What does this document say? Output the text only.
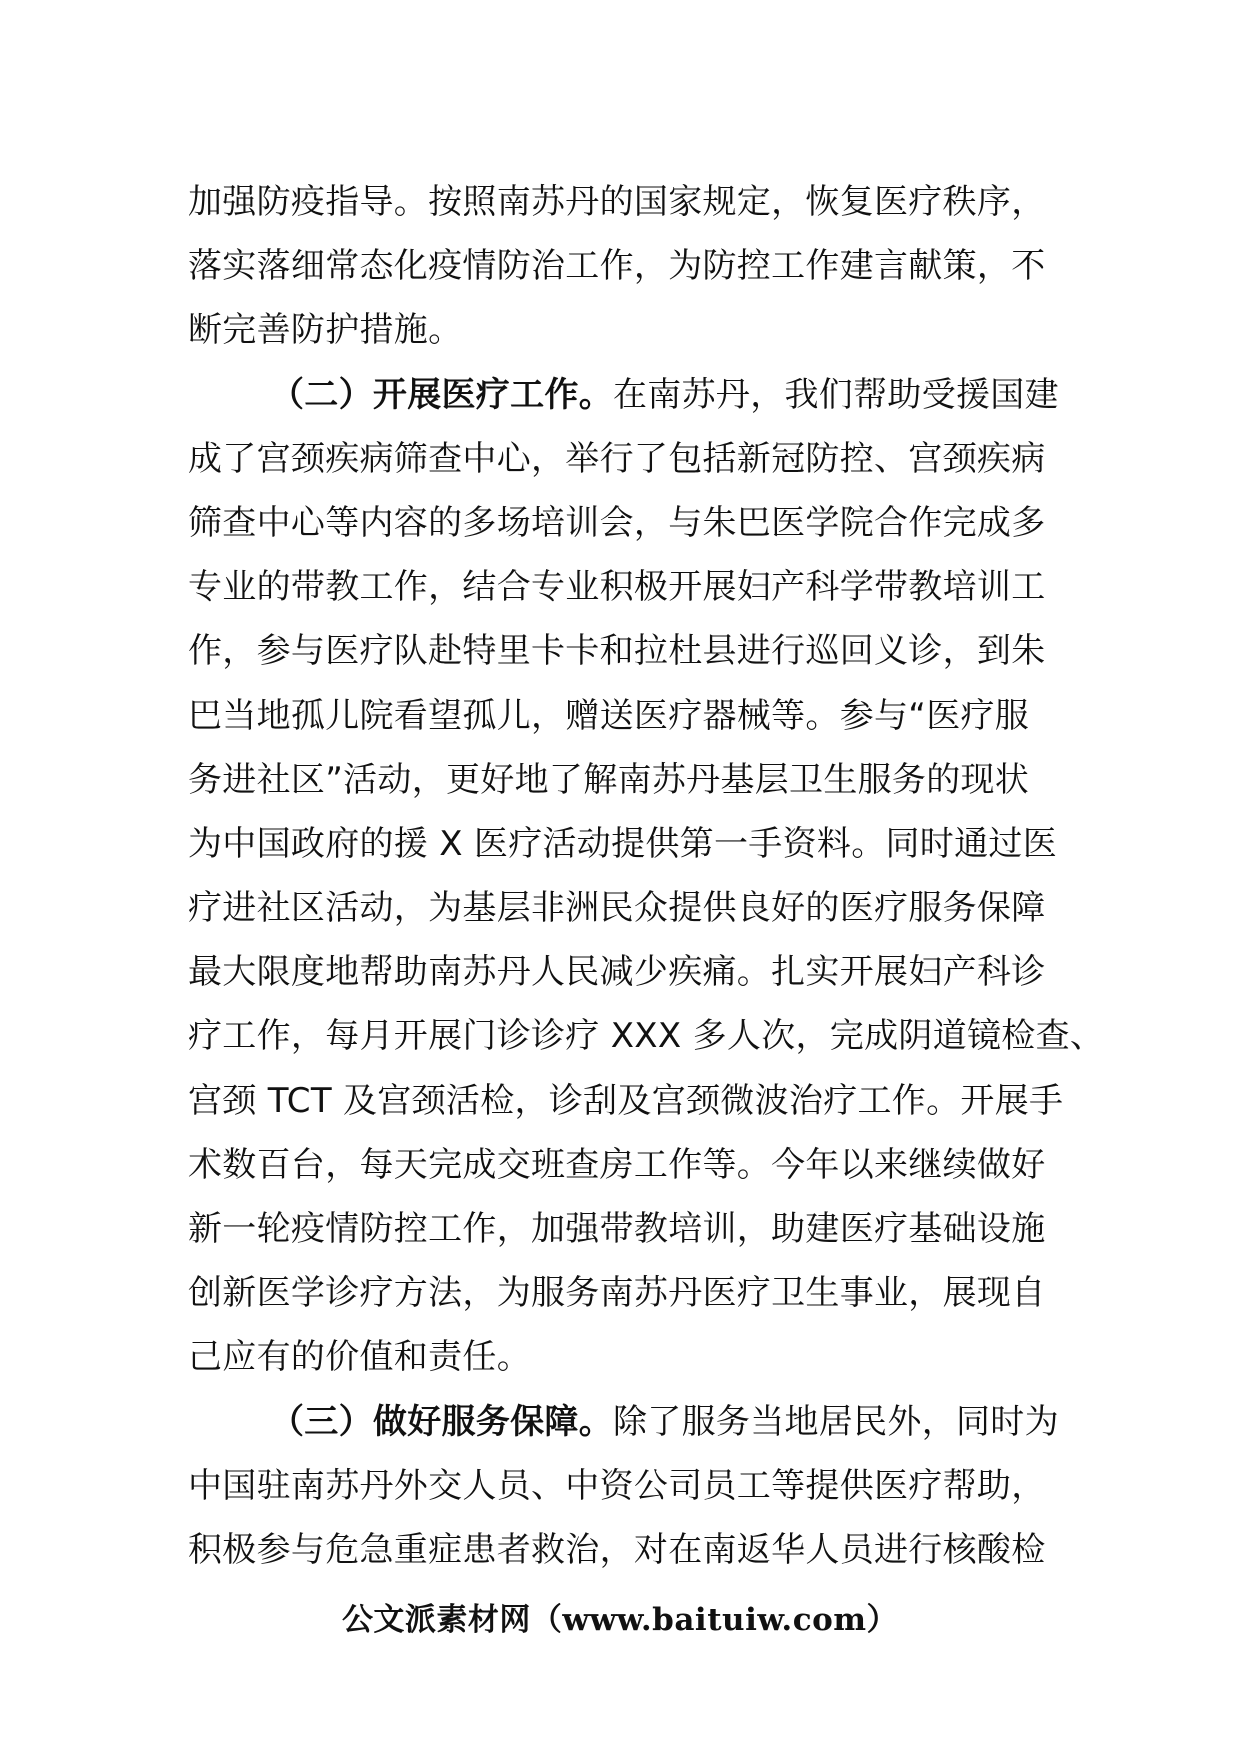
加强防疫指导。按照南苏丹的国家规定，恢复医疗秩序，
落实落细常态化疫情防治工作，为防控工作建言献策，不
断完善防护措施。
（二）开展医疗工作。在南苏丹，我们帮助受援国建
成了宫颈疾病筛查中心，举行了包括新冠防控、宫颈疾病
筛查中心等内容的多场培训会，与朱巴医学院合作完成多
专业的带教工作，结合专业积极开展妇产科学带教培训工
作，参与医疗队赴特里卡卡和拉杜县进行巡回义诊，到朱
巴当地孤儿院看望孤儿，赠送医疗器械等。参与“医疗服
务进社区”活动，更好地了解南苏丹基层卫生服务的现状
为中国政府的援 X 医疗活动提供第一手资料。同时通过医
疗进社区活动，为基层非洲民众提供良好的医疗服务保障
最大限度地帮助南苏丹人民减少疾痛。扎实开展妇产科诊
疗工作，每月开展门诊诊疗 XXX 多人次，完成阴道镜检查、
宫颈 TCT 及宫颈活检，诊刮及宫颈微波治疗工作。开展手
术数百台，每天完成交班查房工作等。今年以来继续做好
新一轮疫情防控工作，加强带教培训，助建医疗基础设施
创新医学诊疗方法，为服务南苏丹医疗卫生事业，展现自
己应有的价值和责任。
（三）做好服务保障。除了服务当地居民外，同时为
中国驻南苏丹外交人员、中资公司员工等提供医疗帮助，
积极参与危急重症患者救治，对在南返华人员进行核酸检
公文派素材网（www.baituiw.com）
